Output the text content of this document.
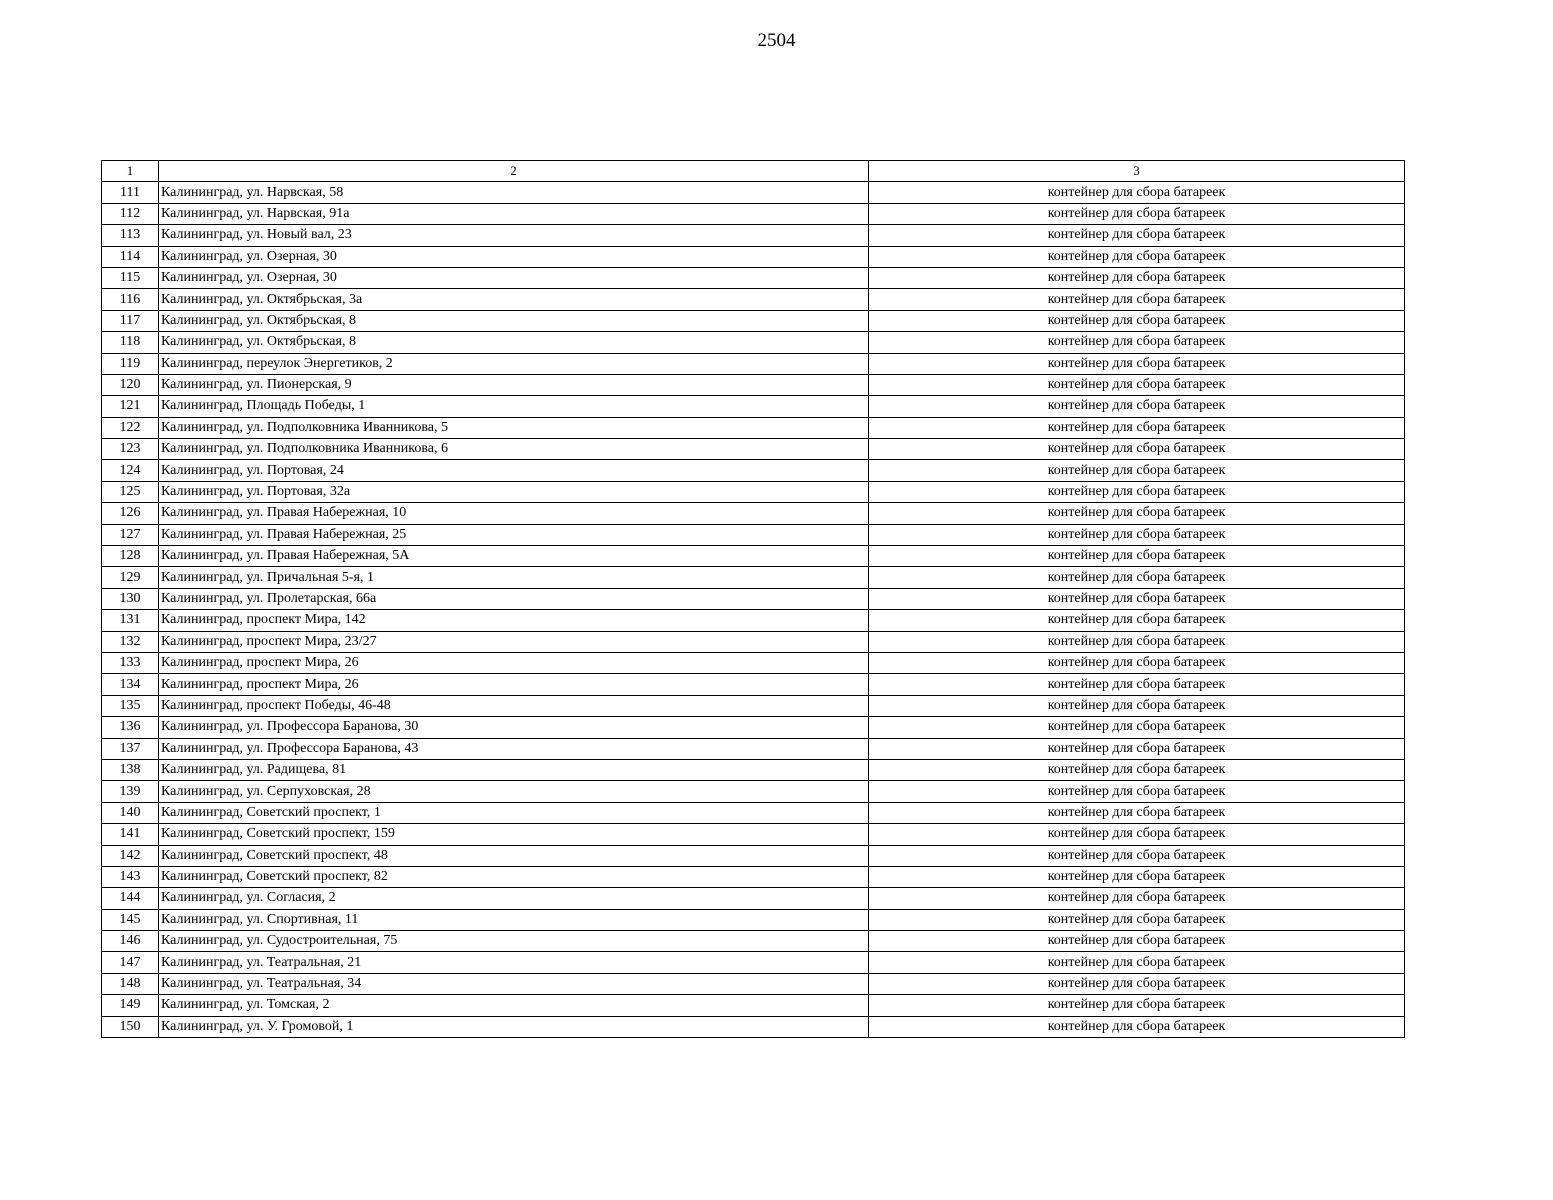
2504
1	2	3
111	Калининград, ул. Нарвская, 58	контейнер для сбора батареек
112	Калининград, ул. Нарвская, 91а	контейнер для сбора батареек
113	Калининград, ул. Новый вал, 23	контейнер для сбора батареек
114	Калининград, ул. Озерная, 30	контейнер для сбора батареек
115	Калининград, ул. Озерная, 30	контейнер для сбора батареек
116	Калининград, ул. Октябрьская, 3а	контейнер для сбора батареек
117	Калининград, ул. Октябрьская, 8	контейнер для сбора батареек
118	Калининград, ул. Октябрьская, 8	контейнер для сбора батареек
119	Калининград, переулок Энергетиков, 2	контейнер для сбора батареек
120	Калининград, ул. Пионерская, 9	контейнер для сбора батареек
121	Калининград, Площадь Победы, 1	контейнер для сбора батареек
122	Калининград, ул. Подполковника Иванникова, 5	контейнер для сбора батареек
123	Калининград, ул. Подполковника Иванникова, 6	контейнер для сбора батареек
124	Калининград, ул. Портовая, 24	контейнер для сбора батареек
125	Калининград, ул. Портовая, 32а	контейнер для сбора батареек
126	Калининград, ул. Правая Набережная, 10	контейнер для сбора батареек
127	Калининград, ул. Правая Набережная, 25	контейнер для сбора батареек
128	Калининград, ул. Правая Набережная, 5А	контейнер для сбора батареек
129	Калининград, ул. Причальная 5-я, 1	контейнер для сбора батареек
130	Калининград, ул. Пролетарская, 66а	контейнер для сбора батареек
131	Калининград, проспект Мира, 142	контейнер для сбора батареек
132	Калининград, проспект Мира, 23/27	контейнер для сбора батареек
133	Калининград, проспект Мира, 26	контейнер для сбора батареек
134	Калининград, проспект Мира, 26	контейнер для сбора батареек
135	Калининград, проспект Победы, 46-48	контейнер для сбора батареек
136	Калининград, ул. Профессора Баранова, 30	контейнер для сбора батареек
137	Калининград, ул. Профессора Баранова, 43	контейнер для сбора батареек
138	Калининград, ул. Радищева, 81	контейнер для сбора батареек
139	Калининград, ул. Серпуховская, 28	контейнер для сбора батареек
140	Калининград, Советский проспект, 1	контейнер для сбора батареек
141	Калининград, Советский проспект, 159	контейнер для сбора батареек
142	Калининград, Советский проспект, 48	контейнер для сбора батареек
143	Калининград, Советский проспект, 82	контейнер для сбора батареек
144	Калининград, ул. Согласия, 2	контейнер для сбора батареек
145	Калининград, ул. Спортивная, 11	контейнер для сбора батареек
146	Калининград, ул. Судостроительная, 75	контейнер для сбора батареек
147	Калининград, ул. Театральная, 21	контейнер для сбора батареек
148	Калининград, ул. Театральная, 34	контейнер для сбора батареек
149	Калининград, ул. Томская, 2	контейнер для сбора батареек
150	Калининград, ул. У. Громовой, 1	контейнер для сбора батареек
